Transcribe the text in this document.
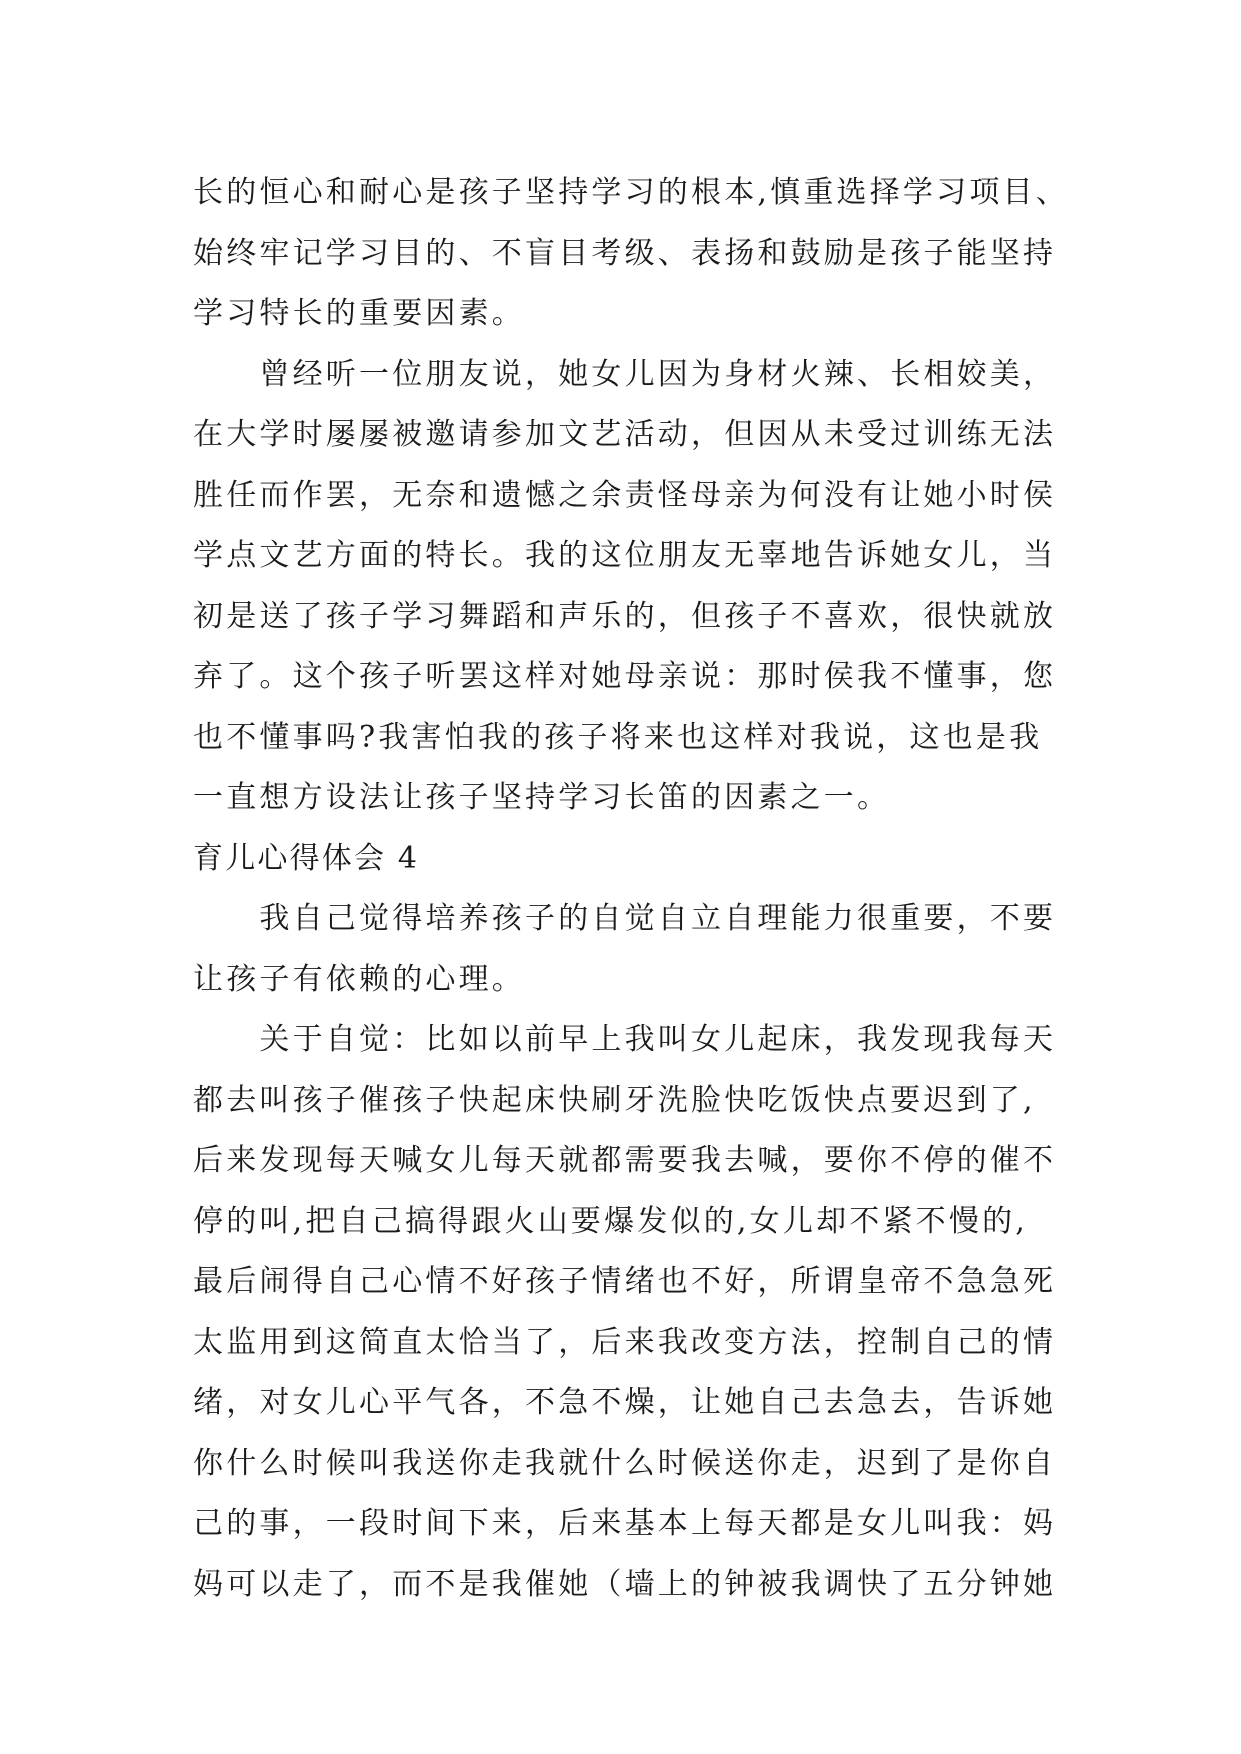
长的恒心和耐心是孩子坚持学习的根本,慎重选择学习项目、
始终牢记学习目的、不盲目考级、表扬和鼓励是孩子能坚持
学习特长的重要因素。
　　曾经听一位朋友说，她女儿因为身材火辣、长相姣美，
在大学时屡屡被邀请参加文艺活动，但因从未受过训练无法
胜任而作罢，无奈和遗憾之余责怪母亲为何没有让她小时侯
学点文艺方面的特长。我的这位朋友无辜地告诉她女儿，当
初是送了孩子学习舞蹈和声乐的，但孩子不喜欢，很快就放
弃了。这个孩子听罢这样对她母亲说：那时侯我不懂事，您
也不懂事吗?我害怕我的孩子将来也这样对我说，这也是我
一直想方设法让孩子坚持学习长笛的因素之一。
育儿心得体会 4
　　我自己觉得培养孩子的自觉自立自理能力很重要，不要
让孩子有依赖的心理。
　　关于自觉：比如以前早上我叫女儿起床，我发现我每天
都去叫孩子催孩子快起床快刷牙洗脸快吃饭快点要迟到了,
后来发现每天喊女儿每天就都需要我去喊，要你不停的催不
停的叫,把自己搞得跟火山要爆发似的,女儿却不紧不慢的,
最后闹得自己心情不好孩子情绪也不好，所谓皇帝不急急死
太监用到这简直太恰当了，后来我改变方法，控制自己的情
绪，对女儿心平气各，不急不燥，让她自己去急去，告诉她
你什么时候叫我送你走我就什么时候送你走，迟到了是你自
己的事，一段时间下来，后来基本上每天都是女儿叫我：妈
妈可以走了，而不是我催她（墙上的钟被我调快了五分钟她
